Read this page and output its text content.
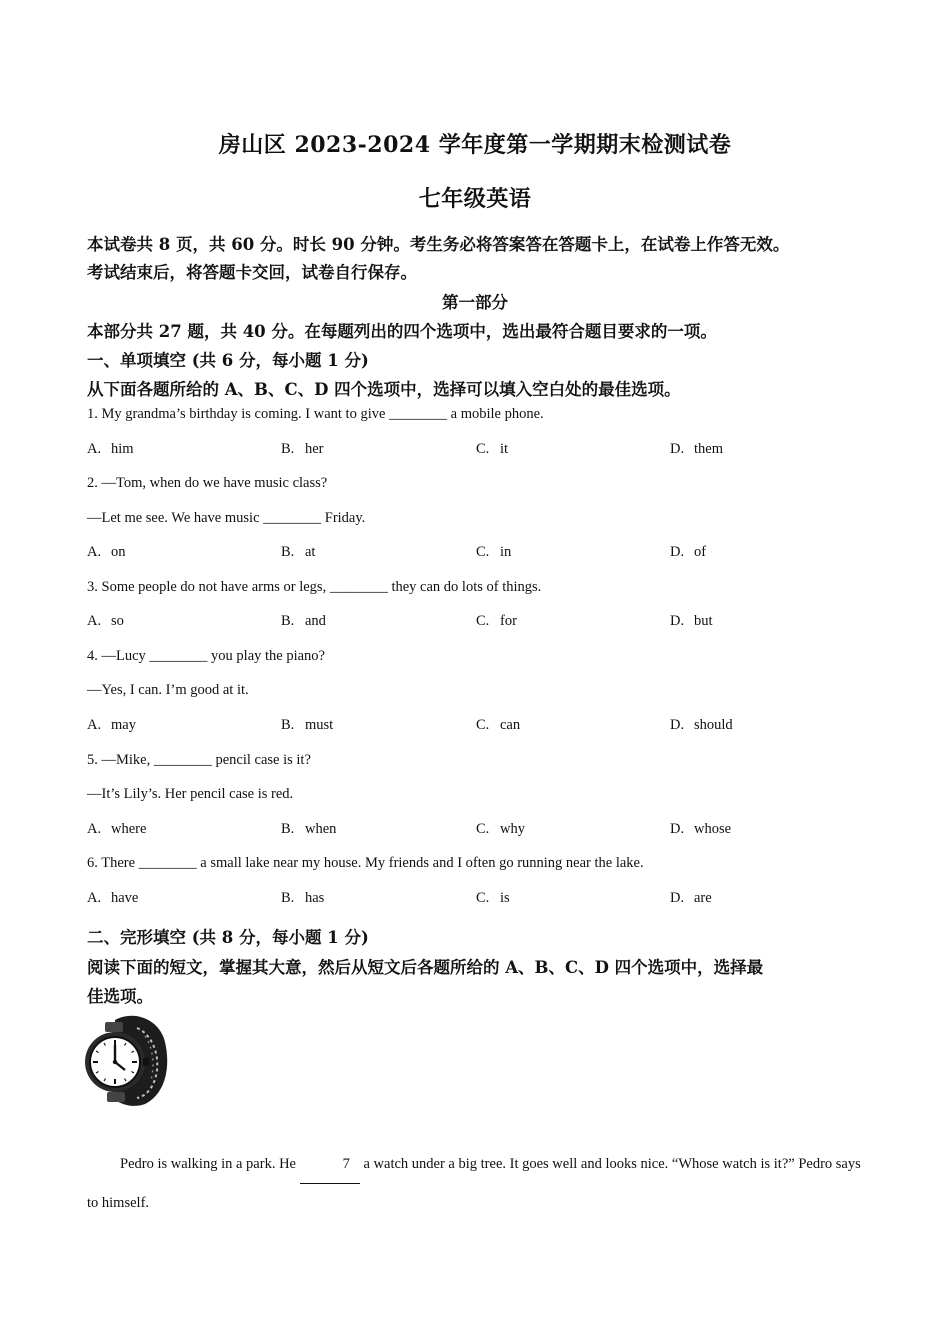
房山区 2023-2024 学年度第一学期期末检测试卷
七年级英语
本试卷共 8 页，共 60 分。时长 90 分钟。考生务必将答案答在答题卡上，在试卷上作答无效。
考试结束后，将答题卡交回，试卷自行保存。
第一部分
本部分共 27 题，共 40 分。在每题列出的四个选项中，选出最符合题目要求的一项。
一、单项填空 (共 6 分，每小题 1 分)
从下面各题所给的 A、B、C、D 四个选项中，选择可以填入空白处的最佳选项。
1. My grandma’s birthday is coming. I want to give ________ a mobile phone.
A. him	B. her	C. it	D. them
2. —Tom, when do we have music class?
—Let me see. We have music ________ Friday.
A. on	B. at	C. in	D. of
3. Some people do not have arms or legs, ________ they can do lots of things.
A. so	B. and	C. for	D. but
4. —Lucy ________ you play the piano?
—Yes, I can. I’m good at it.
A. may	B. must	C. can	D. should
5. —Mike, ________ pencil case is it?
—It’s Lily’s. Her pencil case is red.
A. where	B. when	C. why	D. whose
6. There ________ a small lake near my house. My friends and I often go running near the lake.
A. have	B. has	C. is	D. are
二、完形填空 (共 8 分，每小题 1 分)
阅读下面的短文，掌握其大意，然后从短文后各题所给的 A、B、C、D 四个选项中，选择最
佳选项。
Pedro is walking in a park. He	7 a watch under a big tree. It goes well and looks nice. “Whose watch is it?” Pedro says to himself.
